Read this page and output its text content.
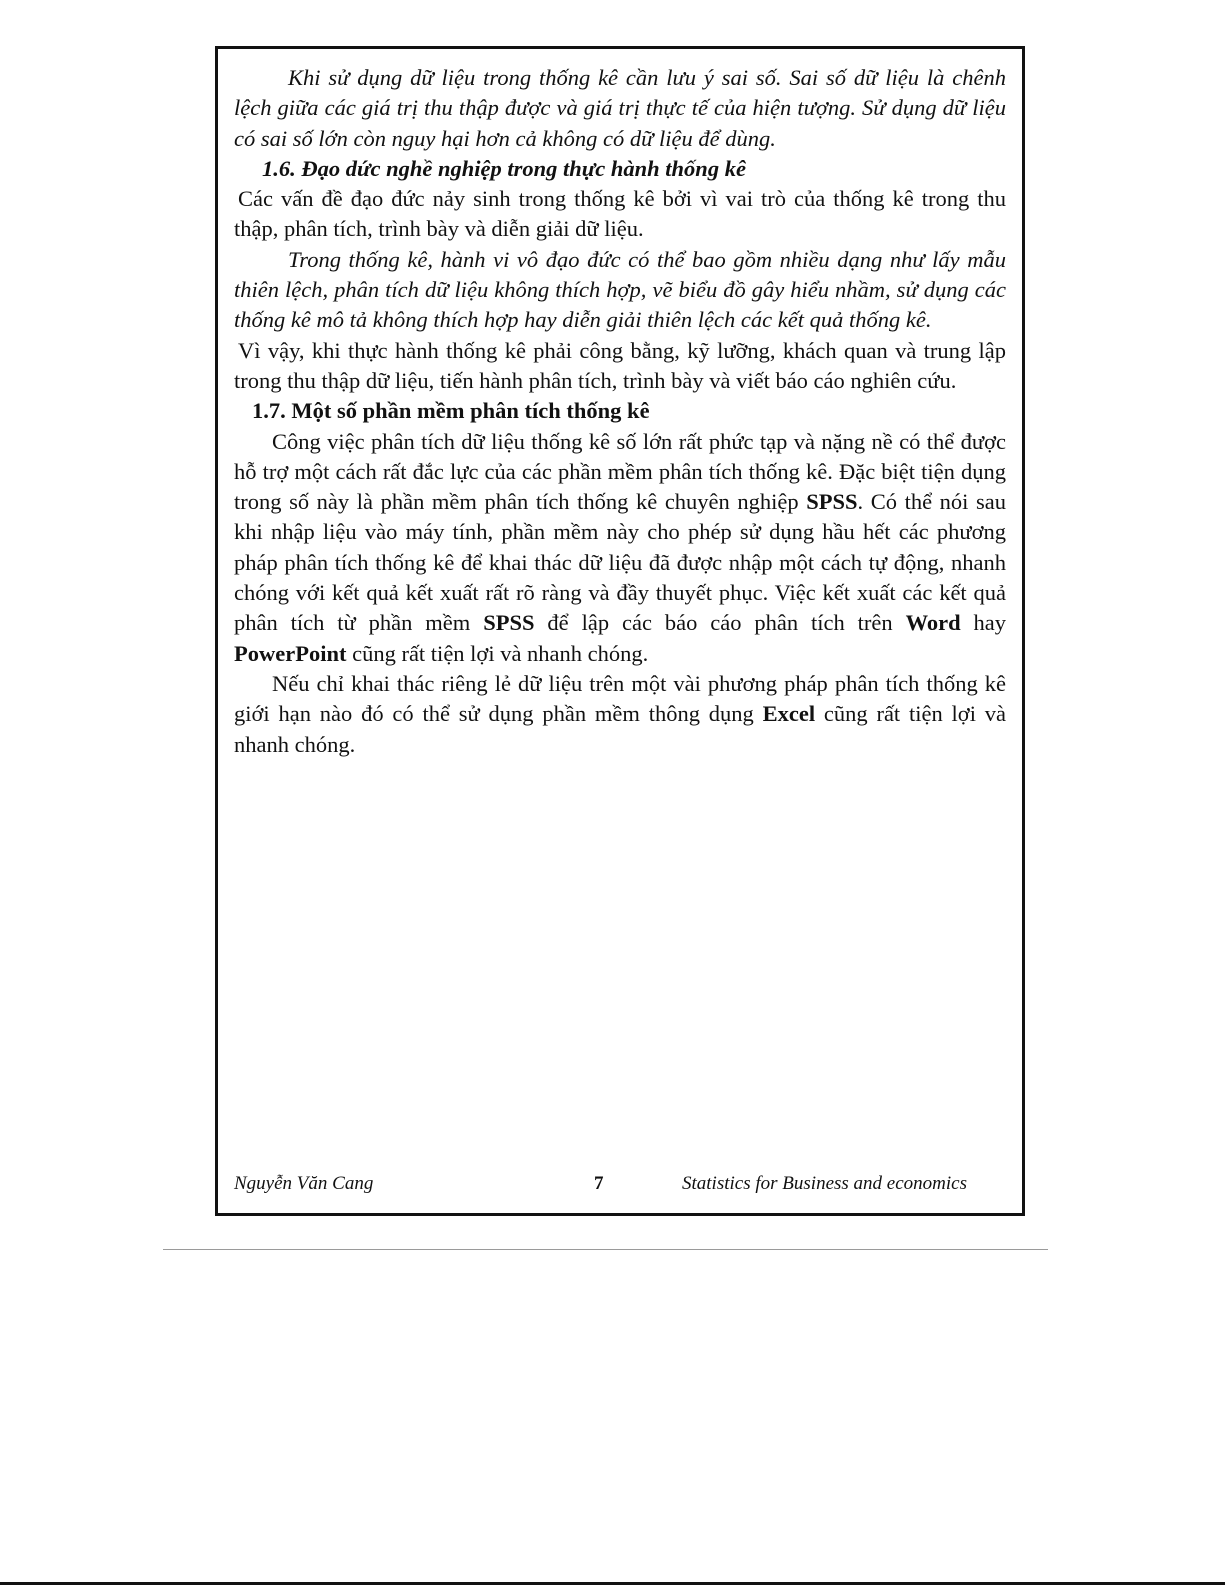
Khi sử dụng dữ liệu trong thống kê cần lưu ý sai số. Sai số dữ liệu là chênh lệch giữa các giá trị thu thập được và giá trị thực tế của hiện tượng. Sử dụng dữ liệu có sai số lớn còn nguy hại hơn cả không có dữ liệu để dùng.

1.6. Đạo dức nghề nghiệp trong thực hành thống kê

Các vấn đề đạo đức nảy sinh trong thống kê bởi vì vai trò của thống kê trong thu thập, phân tích, trình bày và diễn giải dữ liệu.

Trong thống kê, hành vi vô đạo đức có thể bao gồm nhiều dạng như lấy mẫu thiên lệch, phân tích dữ liệu không thích hợp, vẽ biểu đồ gây hiểu nhầm, sử dụng các thống kê mô tả không thích hợp hay diễn giải thiên lệch các kết quả thống kê.

Vì vậy, khi thực hành thống kê phải công bằng, kỹ lưỡng, khách quan và trung lập trong thu thập dữ liệu, tiến hành phân tích, trình bày và viết báo cáo nghiên cứu.

1.7. Một số phần mềm phân tích thống kê

Công việc phân tích dữ liệu thống kê số lớn rất phức tạp và nặng nề có thể được hỗ trợ một cách rất đắc lực của các phần mềm phân tích thống kê. Đặc biệt tiện dụng trong số này là phần mềm phân tích thống kê chuyên nghiệp SPSS. Có thể nói sau khi nhập liệu vào máy tính, phần mềm này cho phép sử dụng hầu hết các phương pháp phân tích thống kê để khai thác dữ liệu đã được nhập một cách tự động, nhanh chóng với kết quả kết xuất rất rõ ràng và đầy thuyết phục. Việc kết xuất các kết quả phân tích từ phần mềm SPSS để lập các báo cáo phân tích trên Word hay PowerPoint cũng rất tiện lợi và nhanh chóng.

Nếu chỉ khai thác riêng lẻ dữ liệu trên một vài phương pháp phân tích thống kê giới hạn nào đó có thể sử dụng phần mềm thông dụng Excel cũng rất tiện lợi và nhanh chóng.

Nguyễn Văn Cang	7	Statistics for Business and economics
